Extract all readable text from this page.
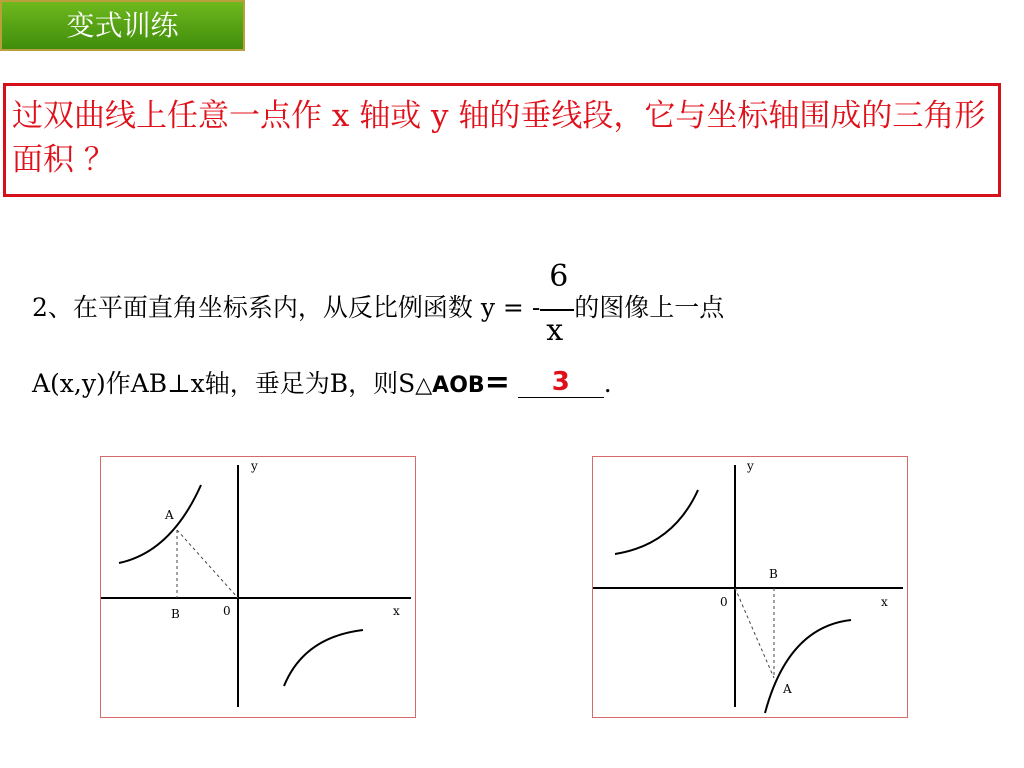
变式训练
过双曲线上任意一点作 x 轴或 y 轴的垂线段，它与坐标轴围成的三角形面积 ？
2、在平面直角坐标系内，从反比例函数 y = - $\frac{6}{x}$ 的图像上一点
A(x,y)作AB⊥x轴，垂足为B，则S△AOB= 3 .
y
x
0
A
B
y
x
0
A
B
